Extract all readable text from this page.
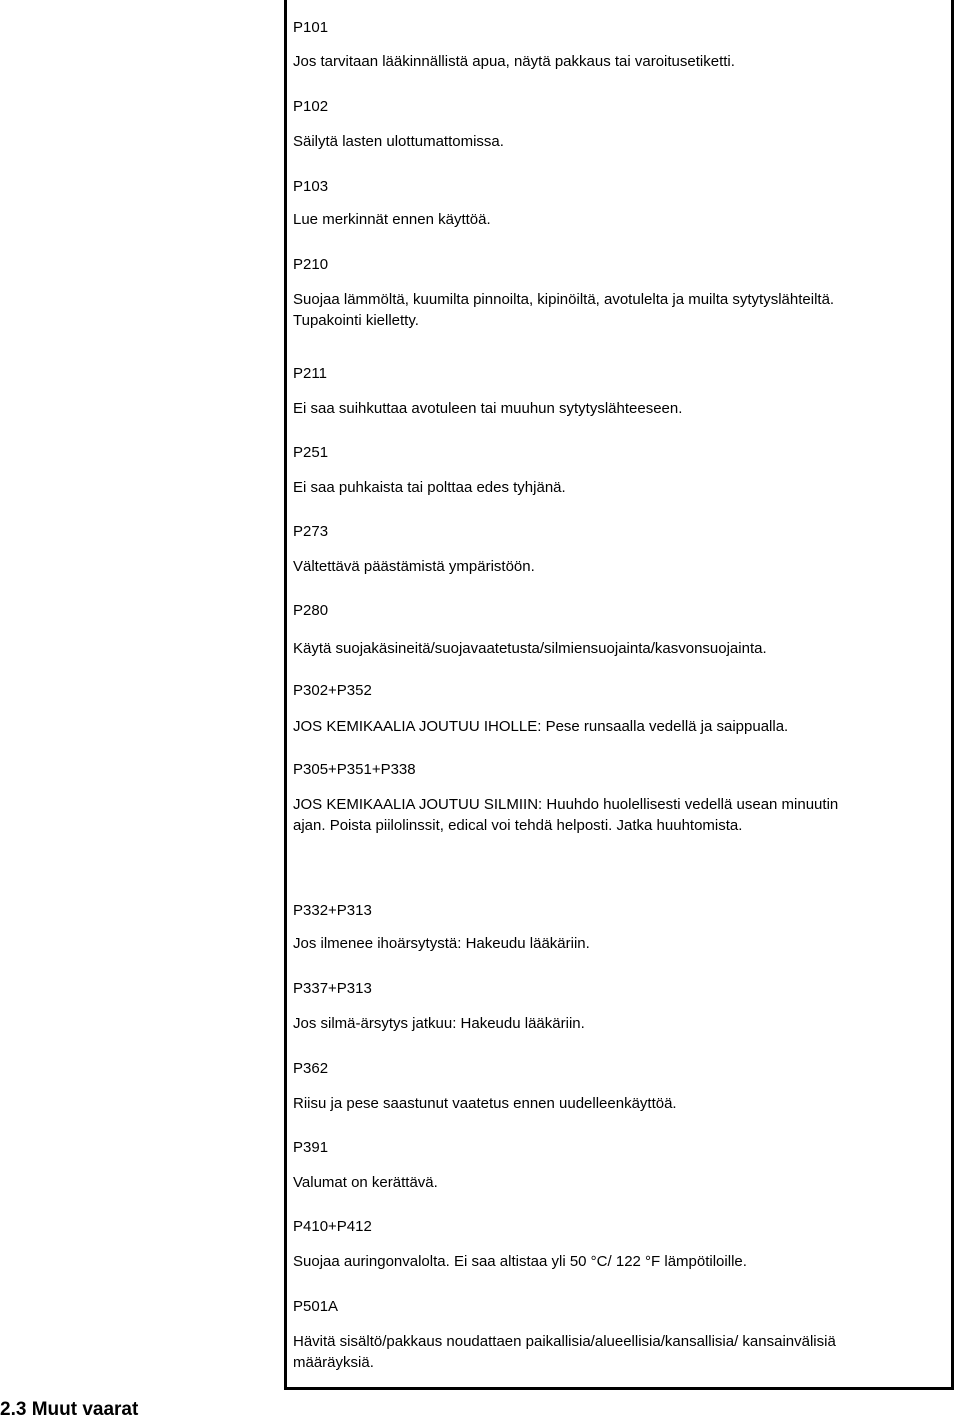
P101

Jos tarvitaan lääkinnällistä apua, näytä pakkaus tai varoitusetiketti.

P102

Säilytä lasten ulottumattomissa.

P103

Lue merkinnät ennen käyttöä.

P210

Suojaa lämmöltä, kuumilta pinnoilta, kipinöiltä, avotulelta ja muilta sytytyslähteiltä. Tupakointi kielletty.

P211

Ei saa suihkuttaa avotuleen tai muuhun sytytyslähteeseen.

P251

Ei saa puhkaista tai polttaa edes tyhjänä.

P273

Vältettävä päästämistä ympäristöön.

P280

Käytä suojakäsineitä/suojavaatetusta/silmiensuojainta/kasvonsuojainta.

P302+P352

JOS KEMIKAALIA JOUTUU IHOLLE: Pese runsaalla vedellä ja saippualla.

P305+P351+P338

JOS KEMIKAALIA JOUTUU SILMIIN: Huuhdo huolellisesti vedellä usean minuutin ajan. Poista piilolinssit, edical voi tehdä helposti. Jatka huuhtomista.

P332+P313

Jos ilmenee ihoärsytystä: Hakeudu lääkäriin.

P337+P313

Jos silmä-ärsytys jatkuu: Hakeudu lääkäriin.

P362

Riisu ja pese saastunut vaatetus ennen uudelleenkäyttöä.

P391

Valumat on kerättävä.

P410+P412

Suojaa auringonvalolta. Ei saa altistaa yli 50 °C/ 122 °F lämpötiloille.

P501A

Hävitä sisältö/pakkaus noudattaen paikallisia/alueellisia/kansallisia/ kansainvälisiä määräyksiä.

2.3 Muut vaarat
